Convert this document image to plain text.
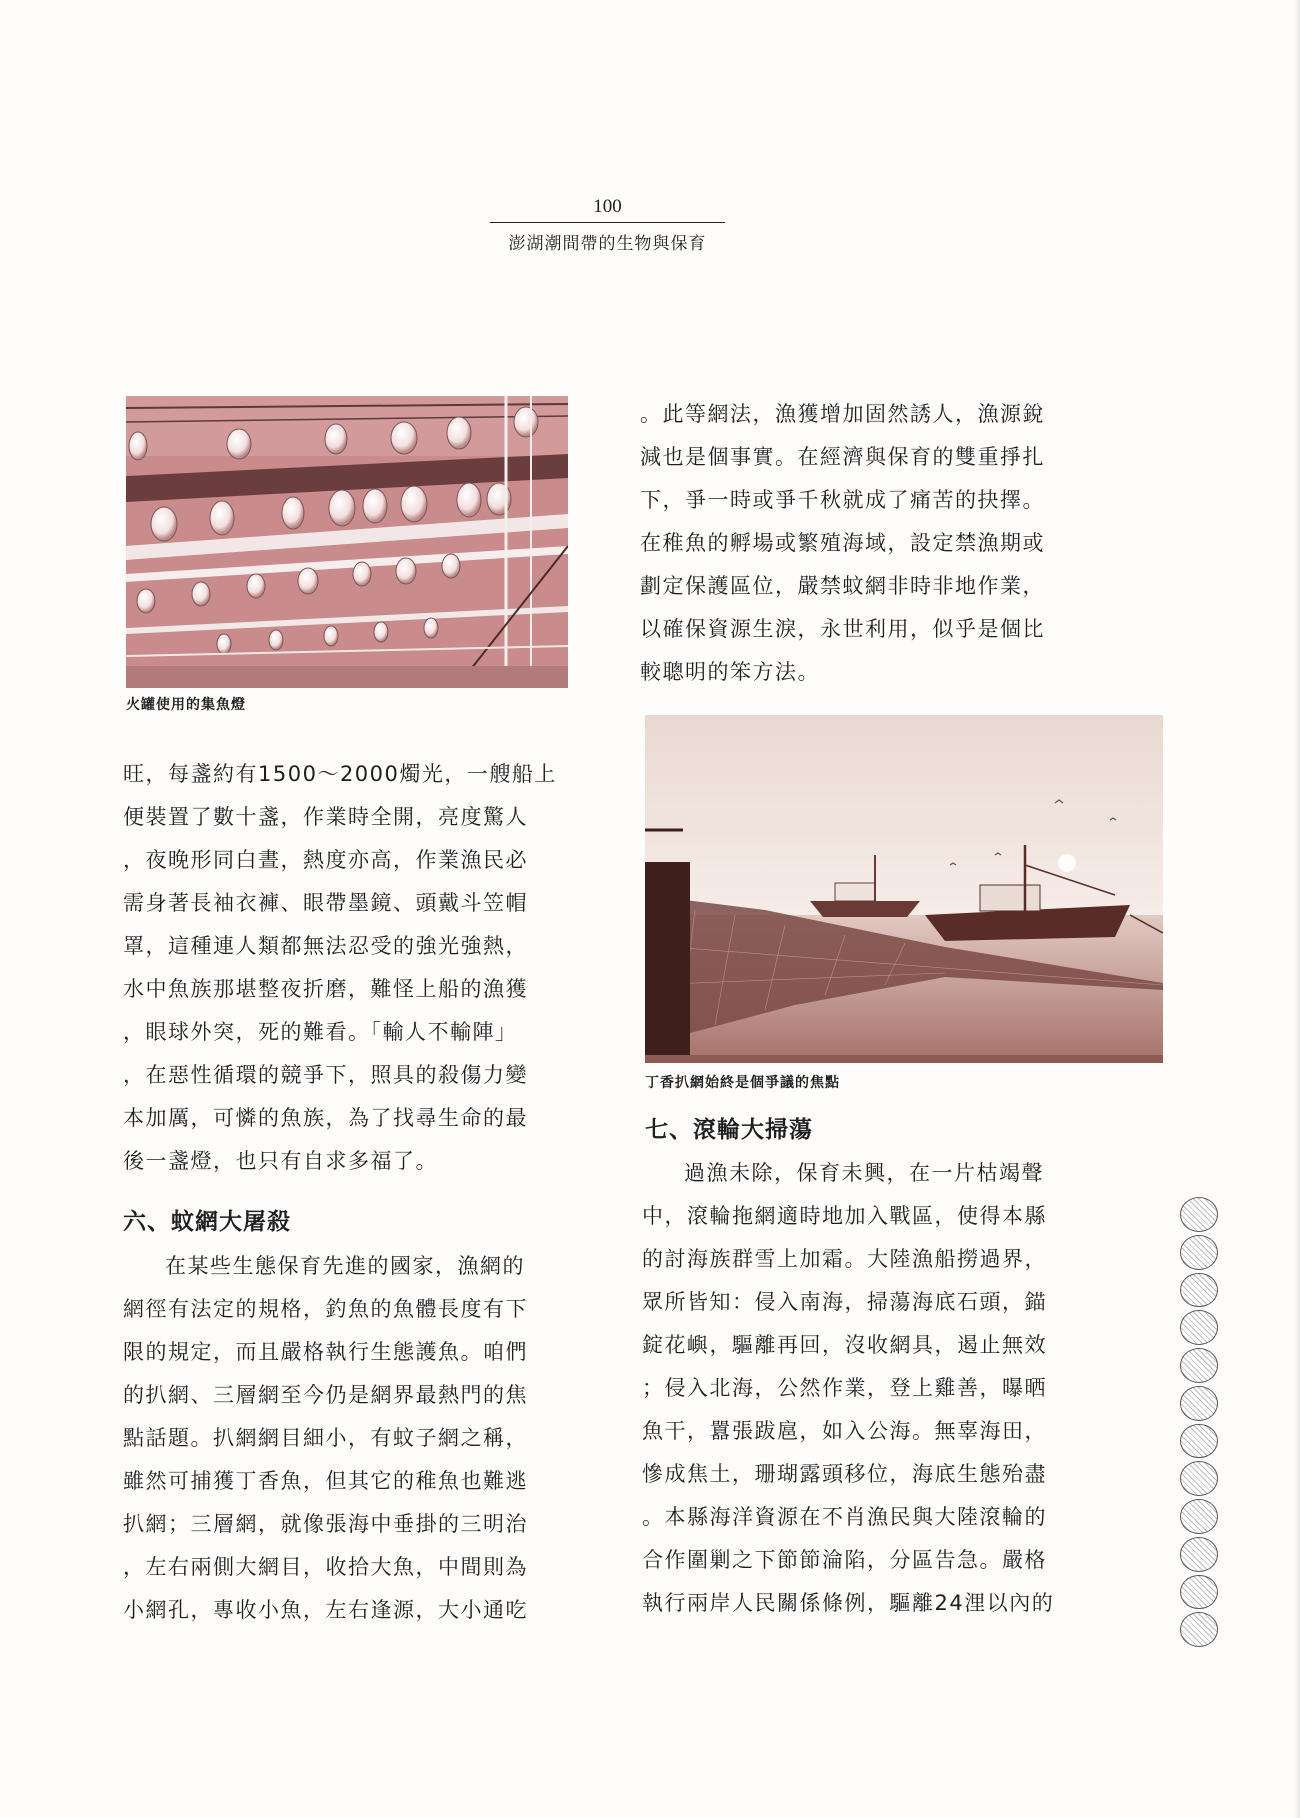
100
澎湖潮間帶的生物與保育
火罐使用的集魚燈

旺，每盞約有1500～2000燭光，一艘船上

便裝置了數十盞，作業時全開，亮度驚人

，夜晚形同白晝，熱度亦高，作業漁民必

需身著長袖衣褲、眼帶墨鏡、頭戴斗笠帽

罩，這種連人類都無法忍受的強光強熱，

水中魚族那堪整夜折磨，難怪上船的漁獲

，眼球外突，死的難看。「輸人不輸陣」

，在惡性循環的競爭下，照具的殺傷力變

本加厲，可憐的魚族，為了找尋生命的最

後一盞燈，也只有自求多福了。

六、蚊網大屠殺

在某些生態保育先進的國家，漁網的

網徑有法定的規格，釣魚的魚體長度有下

限的規定，而且嚴格執行生態護魚。咱們

的扒網、三層網至今仍是網界最熱門的焦

點話題。扒網網目細小，有蚊子網之稱，

雖然可捕獲丁香魚，但其它的稚魚也難逃

扒網；三層網，就像張海中垂掛的三明治

，左右兩側大網目，收拾大魚，中間則為

小網孔，專收小魚，左右逢源，大小通吃

。此等網法，漁獲增加固然誘人，漁源銳

減也是個事實。在經濟與保育的雙重掙扎

下，爭一時或爭千秋就成了痛苦的抉擇。

在稚魚的孵場或繁殖海域，設定禁漁期或

劃定保護區位，嚴禁蚊網非時非地作業，

以確保資源生淚，永世利用，似乎是個比

較聰明的笨方法。

丁香扒網始終是個爭議的焦點
七、滾輪大掃蕩

過漁未除，保育未興，在一片枯竭聲

中，滾輪拖網適時地加入戰區，使得本縣

的討海族群雪上加霜。大陸漁船撈過界，

眾所皆知：侵入南海，掃蕩海底石頭，錨

錠花嶼，驅離再回，沒收網具，遏止無效

；侵入北海，公然作業，登上雞善，曝晒

魚干，囂張跋扈，如入公海。無辜海田，

慘成焦土，珊瑚露頭移位，海底生態殆盡

。本縣海洋資源在不肖漁民與大陸滾輪的

合作圍剿之下節節淪陷，分區告急。嚴格

執行兩岸人民關係條例，驅離24浬以內的
